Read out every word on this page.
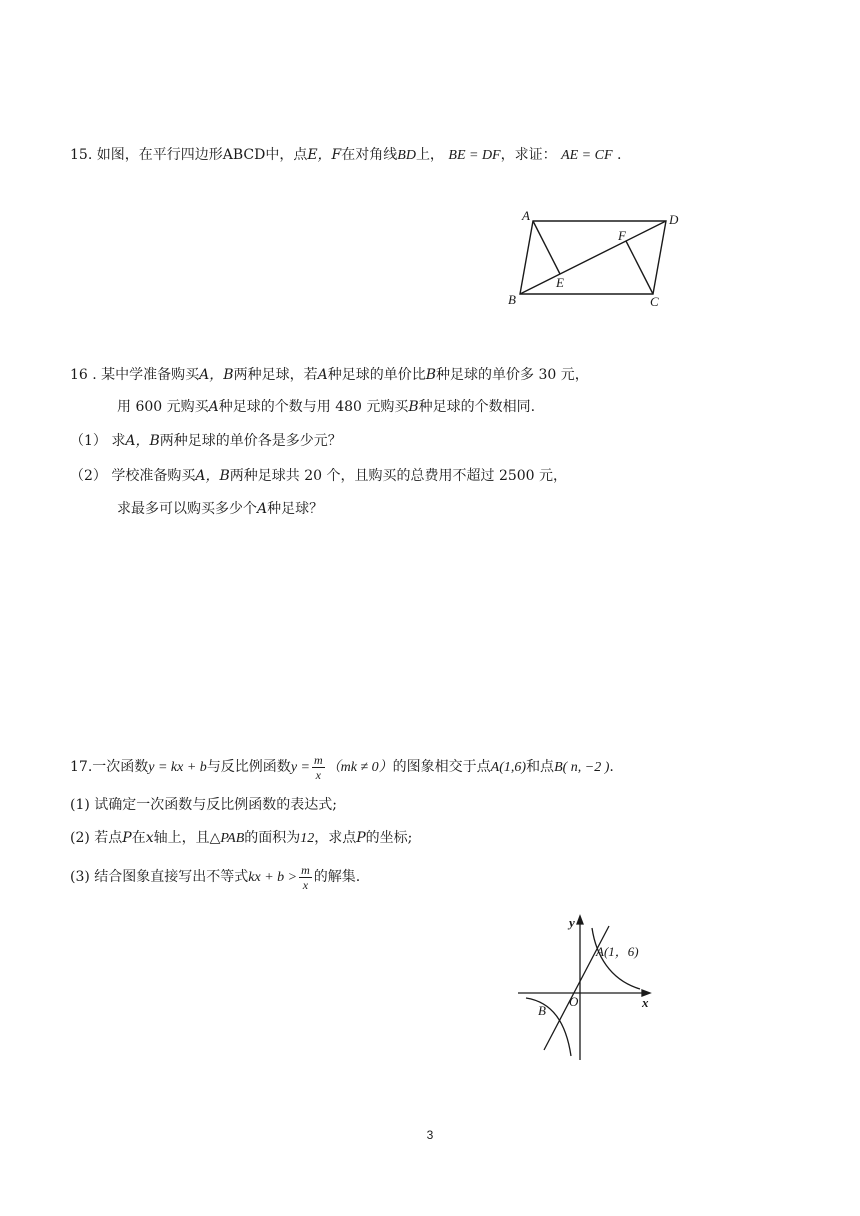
15. 如图，在平行四边形ABCD中，点E，F在对角线BD上， BE = DF，求证： AE = CF .
A	D
B	C
E
F
16 . 某中学准备购买A，B两种足球，若A种足球的单价比B种足球的单价多 30 元，
用 600 元购买A种足球的个数与用 480 元购买B种足球的个数相同.
（1） 求A，B两种足球的单价各是多少元？
（2） 学校准备购买A，B两种足球共 20 个，且购买的总费用不超过 2500 元，
求最多可以购买多少个A种足球？
17.一次函数y = kx + b与反比例函数$y = \frac{m}{x} (mk \ne 0)$的图象相交于点A(1,6)和点B( n, −2 ).
(1) 试确定一次函数与反比例函数的表达式;
(2) 若点P在x轴上，且△PAB的面积为12，求点P的坐标;
(3) 结合图象直接写出不等式kx + $b > \frac{m}{x}$ 的解集.
y
x
O
A(1，6)
B
3
